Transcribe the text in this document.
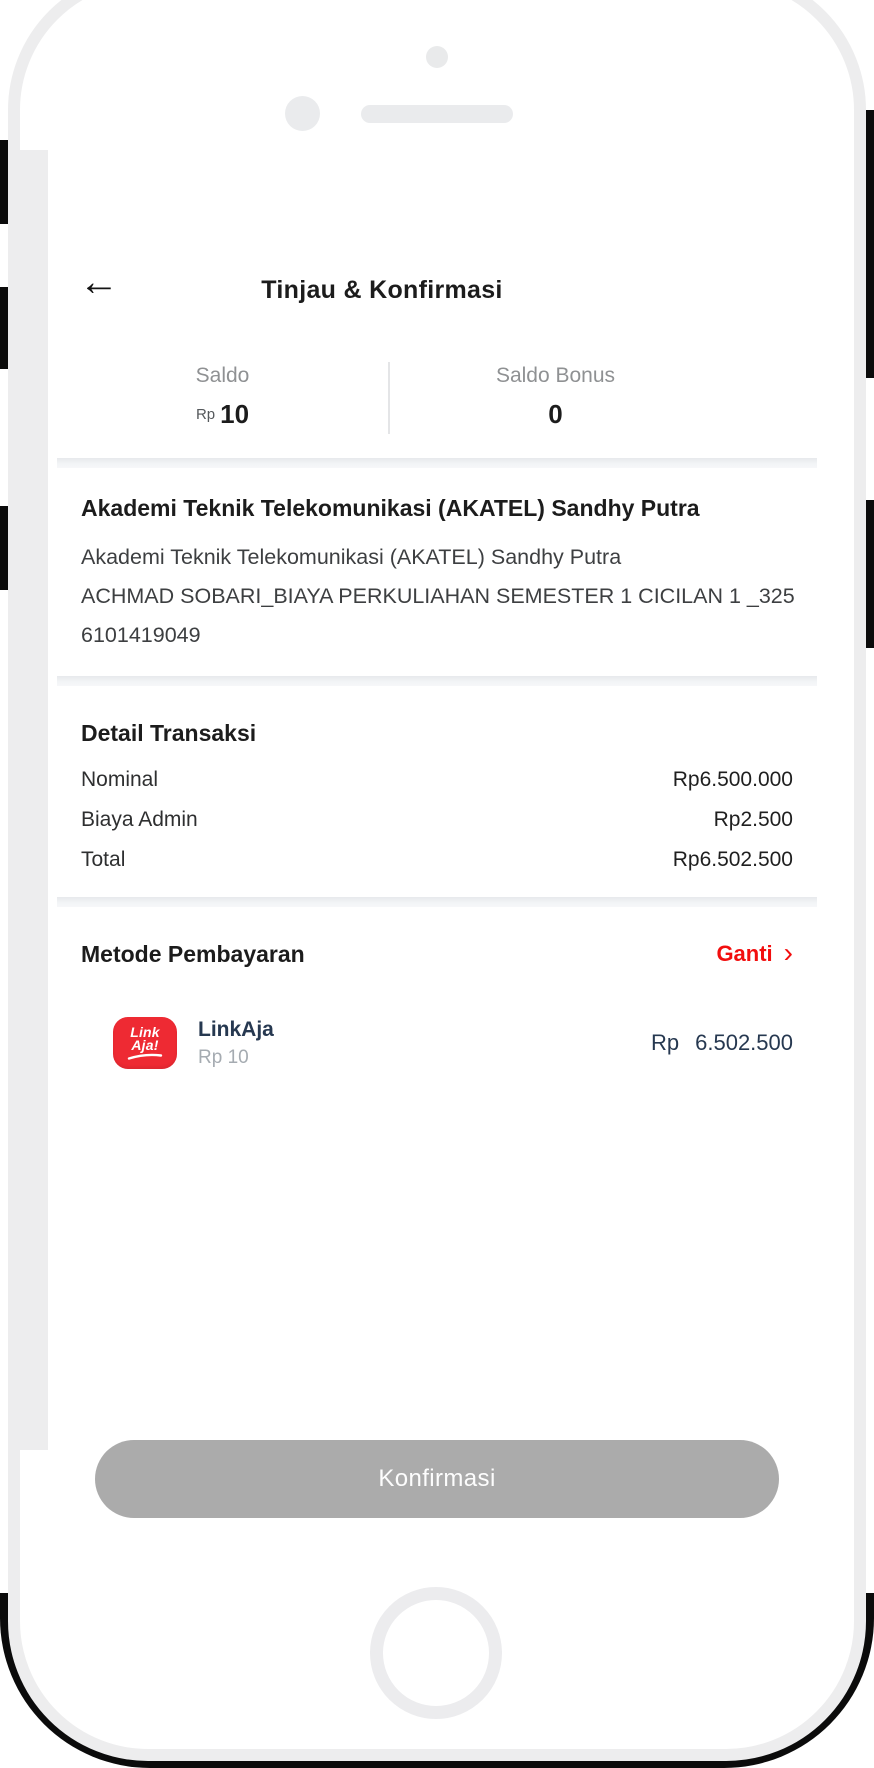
←	Tinjau & Konfirmasi
Saldo
Rp 10
Saldo Bonus
0

Akademi Teknik Telekomunikasi (AKATEL) Sandhy Putra

Akademi Teknik Telekomunikasi (AKATEL) Sandhy Putra

ACHMAD SOBARI_BIAYA PERKULIAHAN SEMESTER 1 CICILAN 1 _325

6101419049

Detail Transaksi

Nominal	Rp6.500.000
Biaya Admin	Rp2.500
Total	Rp6.502.500
Metode Pembayaran	Ganti ›
Link
Aja!
LinkAja
Rp 10
Rp 6.502.500
Konfirmasi
